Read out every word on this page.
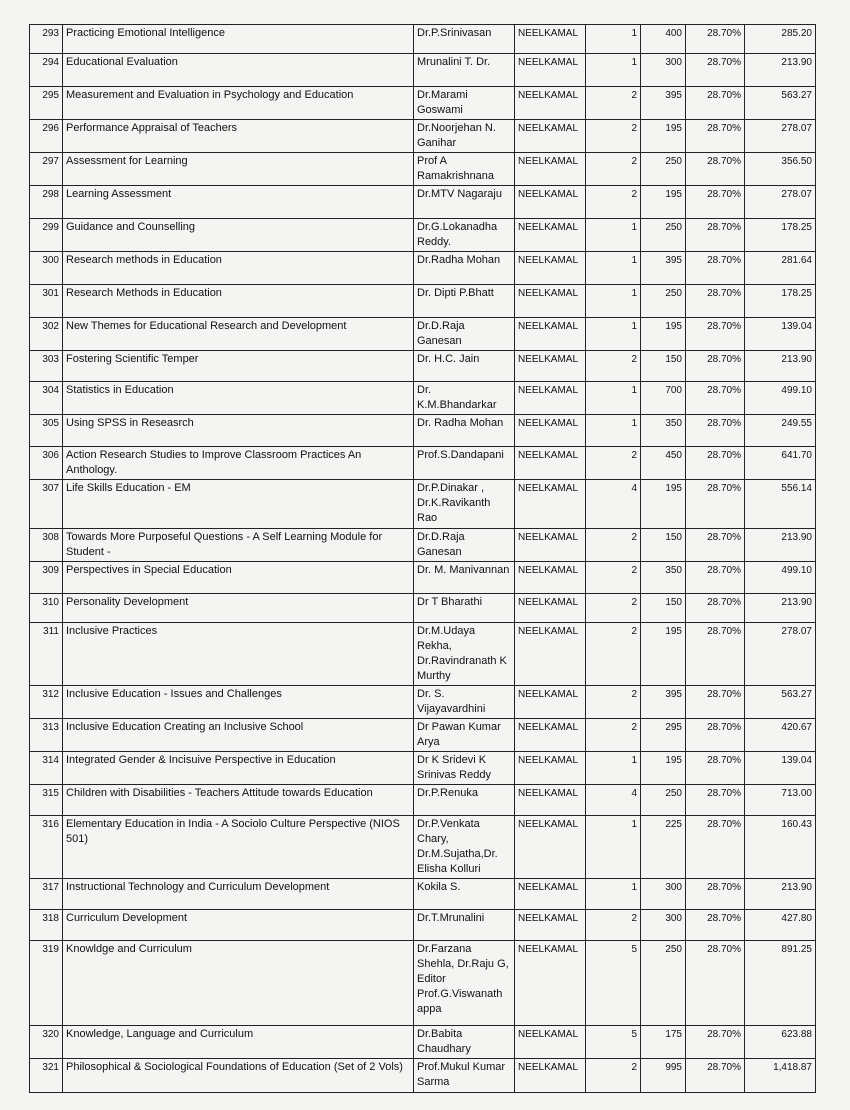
293	Practicing Emotional Intelligence	Dr.P.Srinivasan	NEELKAMAL	1	400	28.70%	285.20
294	Educational Evaluation	Mrunalini T. Dr.	NEELKAMAL	1	300	28.70%	213.90
295	Measurement and Evaluation in Psychology and Education	Dr.Marami Goswami	NEELKAMAL	2	395	28.70%	563.27
296	Performance Appraisal of Teachers	Dr.Noorjehan N. Ganihar	NEELKAMAL	2	195	28.70%	278.07
297	Assessment for Learning	Prof A Ramakrishnana	NEELKAMAL	2	250	28.70%	356.50
298	Learning Assessment	Dr.MTV Nagaraju	NEELKAMAL	2	195	28.70%	278.07
299	Guidance and Counselling	Dr.G.Lokanadha Reddy.	NEELKAMAL	1	250	28.70%	178.25
300	Research methods in Education	Dr.Radha Mohan	NEELKAMAL	1	395	28.70%	281.64
301	Research Methods in Education	Dr. Dipti P.Bhatt	NEELKAMAL	1	250	28.70%	178.25
302	New Themes for Educational Research and Development	Dr.D.Raja Ganesan	NEELKAMAL	1	195	28.70%	139.04
303	Fostering Scientific Temper	Dr. H.C. Jain	NEELKAMAL	2	150	28.70%	213.90
304	Statistics in Education	Dr. K.M.Bhandarkar	NEELKAMAL	1	700	28.70%	499.10
305	Using SPSS in Reseasrch	Dr. Radha Mohan	NEELKAMAL	1	350	28.70%	249.55
306	Action Research Studies to Improve Classroom Practices An Anthology.	Prof.S.Dandapani	NEELKAMAL	2	450	28.70%	641.70
307	Life Skills Education - EM	Dr.P.Dinakar , Dr.K.Ravikanth Rao	NEELKAMAL	4	195	28.70%	556.14
308	Towards More Purposeful Questions - A Self Learning Module for Student -	Dr.D.Raja Ganesan	NEELKAMAL	2	150	28.70%	213.90
309	Perspectives in Special Education	Dr. M. Manivannan	NEELKAMAL	2	350	28.70%	499.10
310	Personality Development	Dr T Bharathi	NEELKAMAL	2	150	28.70%	213.90
311	Inclusive Practices	Dr.M.Udaya Rekha, Dr.Ravindranath K Murthy	NEELKAMAL	2	195	28.70%	278.07
312	Inclusive Education - Issues and Challenges	Dr. S. Vijayavardhini	NEELKAMAL	2	395	28.70%	563.27
313	Inclusive Education Creating an Inclusive School	Dr Pawan Kumar Arya	NEELKAMAL	2	295	28.70%	420.67
314	Integrated Gender & Incisuive Perspective in Education	Dr K Sridevi K Srinivas Reddy	NEELKAMAL	1	195	28.70%	139.04
315	Children with Disabilities - Teachers Attitude towards Education	Dr.P.Renuka	NEELKAMAL	4	250	28.70%	713.00
316	Elementary Education in India - A Sociolo Culture Perspective (NIOS 501)	Dr.P.Venkata Chary, Dr.M.Sujatha,Dr. Elisha Kolluri	NEELKAMAL	1	225	28.70%	160.43
317	Instructional Technology and Curriculum Development	Kokila S.	NEELKAMAL	1	300	28.70%	213.90
318	Curriculum Development	Dr.T.Mrunalini	NEELKAMAL	2	300	28.70%	427.80
319	Knowldge and Curriculum	Dr.Farzana Shehla, Dr.Raju G, Editor Prof.G.Viswanath appa	NEELKAMAL	5	250	28.70%	891.25
320	Knowledge, Language and Curriculum	Dr.Babita Chaudhary	NEELKAMAL	5	175	28.70%	623.88
321	Philosophical & Sociological Foundations of Education (Set of 2 Vols)	Prof.Mukul Kumar Sarma	NEELKAMAL	2	995	28.70%	1,418.87
